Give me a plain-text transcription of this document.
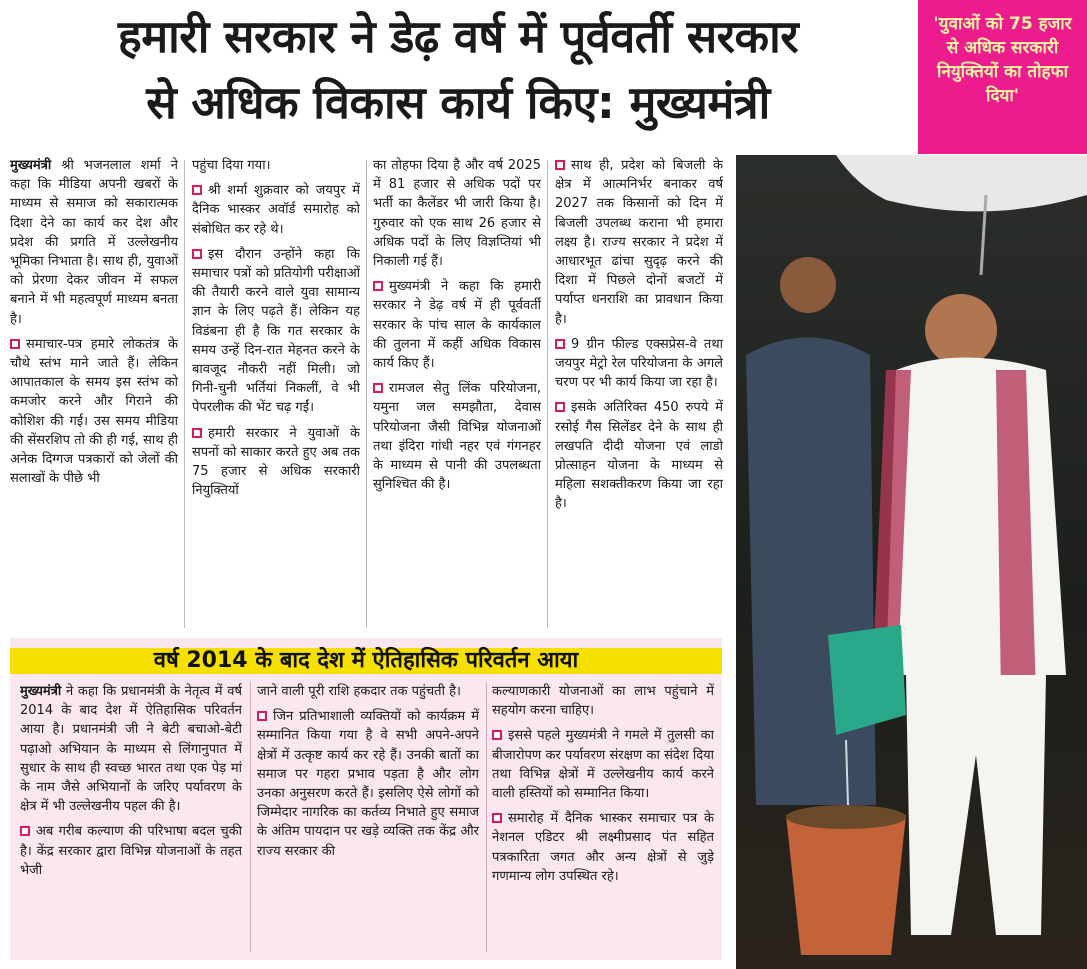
हमारी सरकार ने डेढ़ वर्ष में पूर्ववर्ती सरकार
से अधिक विकास कार्य किए: मुख्यमंत्री
'युवाओं को 75 हजार से अधिक सरकारी नियुक्तियों का तोहफा दिया'

मुख्यमंत्री श्री भजनलाल शर्मा ने कहा कि मीडिया अपनी खबरों के माध्यम से समाज को सकारात्मक दिशा देने का कार्य कर देश और प्रदेश की प्रगति में उल्लेखनीय भूमिका निभाता है। साथ ही, युवाओं को प्रेरणा देकर जीवन में सफल बनाने में भी महत्वपूर्ण माध्यम बनता है।

समाचार-पत्र हमारे लोकतंत्र के चौथे स्तंभ माने जाते हैं। लेकिन आपातकाल के समय इस स्तंभ को कमजोर करने और गिराने की कोशिश की गई। उस समय मीडिया की सेंसरशिप तो की ही गई, साथ ही अनेक दिग्गज पत्रकारों को जेलों की सलाखों के पीछे भी

पहुंचा दिया गया।

श्री शर्मा शुक्रवार को जयपुर में दैनिक भास्कर अवॉर्ड समारोह को संबोधित कर रहे थे।

इस दौरान उन्होंने कहा कि समाचार पत्रों को प्रतियोगी परीक्षाओं की तैयारी करने वाले युवा सामान्य ज्ञान के लिए पढ़ते हैं। लेकिन यह विडंबना ही है कि गत सरकार के समय उन्हें दिन-रात मेहनत करने के बावजूद नौकरी नहीं मिली। जो गिनी-चुनी भर्तियां निकलीं, वे भी पेपरलीक की भेंट चढ़ गईं।

हमारी सरकार ने युवाओं के सपनों को साकार करते हुए अब तक 75 हजार से अधिक सरकारी नियुक्तियों

का तोहफा दिया है और वर्ष 2025 में 81 हजार से अधिक पदों पर भर्ती का कैलेंडर भी जारी किया है। गुरुवार को एक साथ 26 हजार से अधिक पदों के लिए विज्ञप्तियां भी निकाली गई हैं।

मुख्यमंत्री ने कहा कि हमारी सरकार ने डेढ़ वर्ष में ही पूर्ववर्ती सरकार के पांच साल के कार्यकाल की तुलना में कहीं अधिक विकास कार्य किए हैं।

रामजल सेतु लिंक परियोजना, यमुना जल समझौता, देवास परियोजना जैसी विभिन्न योजनाओं तथा इंदिरा गांधी नहर एवं गंगनहर के माध्यम से पानी की उपलब्धता सुनिश्चित की है।

साथ ही, प्रदेश को बिजली के क्षेत्र में आत्मनिर्भर बनाकर वर्ष 2027 तक किसानों को दिन में बिजली उपलब्ध कराना भी हमारा लक्ष्य है। राज्य सरकार ने प्रदेश में आधारभूत ढांचा सुदृढ़ करने की दिशा में पिछले दोनों बजटों में पर्याप्त धनराशि का प्रावधान किया है।

9 ग्रीन फील्ड एक्सप्रेस-वे तथा जयपुर मेट्रो रेल परियोजना के अगले चरण पर भी कार्य किया जा रहा है।

इसके अतिरिक्त 450 रुपये में रसोई गैस सिलेंडर देने के साथ ही लखपति दीदी योजना एवं लाडो प्रोत्साहन योजना के माध्यम से महिला सशक्तीकरण किया जा रहा है।

वर्ष 2014 के बाद देश में ऐतिहासिक परिवर्तन आया

मुख्यमंत्री ने कहा कि प्रधानमंत्री के नेतृत्व में वर्ष 2014 के बाद देश में ऐतिहासिक परिवर्तन आया है। प्रधानमंत्री जी ने बेटी बचाओ-बेटी पढ़ाओ अभियान के माध्यम से लिंगानुपात में सुधार के साथ ही स्वच्छ भारत तथा एक पेड़ मां के नाम जैसे अभियानों के जरिए पर्यावरण के क्षेत्र में भी उल्लेखनीय पहल की है।

अब गरीब कल्याण की परिभाषा बदल चुकी है। केंद्र सरकार द्वारा विभिन्न योजनाओं के तहत भेजी

जाने वाली पूरी राशि हकदार तक पहुंचती है।

जिन प्रतिभाशाली व्यक्तियों को कार्यक्रम में सम्मानित किया गया है वे सभी अपने-अपने क्षेत्रों में उत्कृष्ट कार्य कर रहे हैं। उनकी बातों का समाज पर गहरा प्रभाव पड़ता है और लोग उनका अनुसरण करते हैं। इसलिए ऐसे लोगों को जिम्मेदार नागरिक का कर्तव्य निभाते हुए समाज के अंतिम पायदान पर खड़े व्यक्ति तक केंद्र और राज्य सरकार की

कल्याणकारी योजनाओं का लाभ पहुंचाने में सहयोग करना चाहिए।

इससे पहले मुख्यमंत्री ने गमले में तुलसी का बीजारोपण कर पर्यावरण संरक्षण का संदेश दिया तथा विभिन्न क्षेत्रों में उल्लेखनीय कार्य करने वाली हस्तियों को सम्मानित किया।

समारोह में दैनिक भास्कर समाचार पत्र के नेशनल एडिटर श्री लक्ष्मीप्रसाद पंत सहित पत्रकारिता जगत और अन्य क्षेत्रों से जुड़े गणमान्य लोग उपस्थित रहे।
